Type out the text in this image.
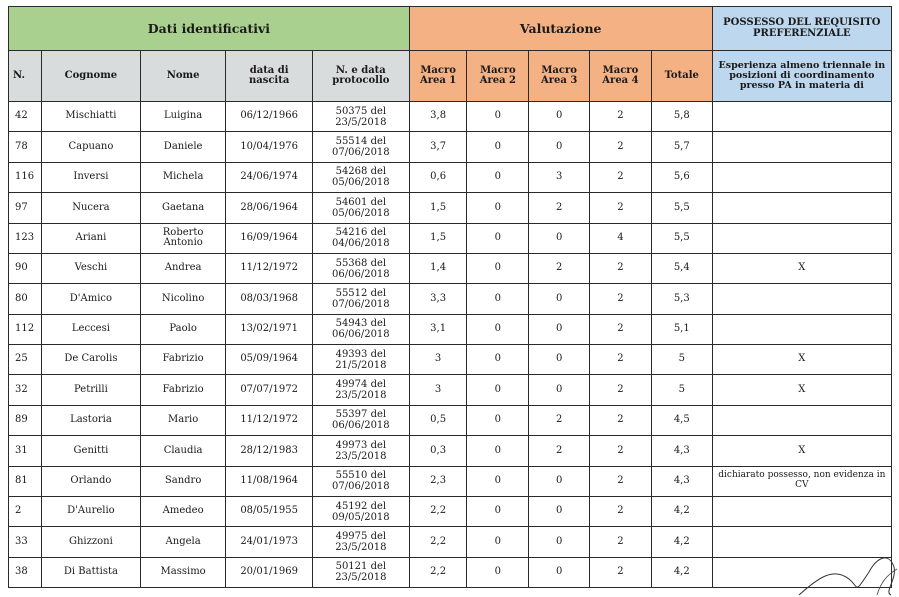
Dati identificativi					Valutazione					POSSESSO DEL REQUISITO PREFERENZIALE
N.	Cognome	Nome	data di nascita	N. e data protocollo	Macro Area 1	Macro Area 2	Macro Area 3	Macro Area 4	Totale	Esperienza almeno triennale in posizioni di coordinamento presso PA in materia di
42	Mischiatti	Luigina	06/12/1966	50375 del 23/5/2018	3,8	0	0	2	5,8	
78	Capuano	Daniele	10/04/1976	55514 del 07/06/2018	3,7	0	0	2	5,7	
116	Inversi	Michela	24/06/1974	54268 del 05/06/2018	0,6	0	3	2	5,6	
97	Nucera	Gaetana	28/06/1964	54601 del 05/06/2018	1,5	0	2	2	5,5	
123	Ariani	Roberto Antonio	16/09/1964	54216 del 04/06/2018	1,5	0	0	4	5,5	
90	Veschi	Andrea	11/12/1972	55368 del 06/06/2018	1,4	0	2	2	5,4	X
80	D'Amico	Nicolino	08/03/1968	55512 del 07/06/2018	3,3	0	0	2	5,3	
112	Leccesi	Paolo	13/02/1971	54943 del 06/06/2018	3,1	0	0	2	5,1	
25	De Carolis	Fabrizio	05/09/1964	49393 del 21/5/2018	3	0	0	2	5	X
32	Petrilli	Fabrizio	07/07/1972	49974 del 23/5/2018	3	0	0	2	5	X
89	Lastoria	Mario	11/12/1972	55397 del 06/06/2018	0,5	0	2	2	4,5	
31	Genitti	Claudia	28/12/1983	49973 del 23/5/2018	0,3	0	2	2	4,3	X
81	Orlando	Sandro	11/08/1964	55510 del 07/06/2018	2,3	0	0	2	4,3	dichiarato possesso, non evidenza in CV
2	D'Aurelio	Amedeo	08/05/1955	45192 del 09/05/2018	2,2	0	0	2	4,2	
33	Ghizzoni	Angela	24/01/1973	49975 del 23/5/2018	2,2	0	0	2	4,2	
38	Di Battista	Massimo	20/01/1969	50121 del 23/5/2018	2,2	0	0	2	4,2	
